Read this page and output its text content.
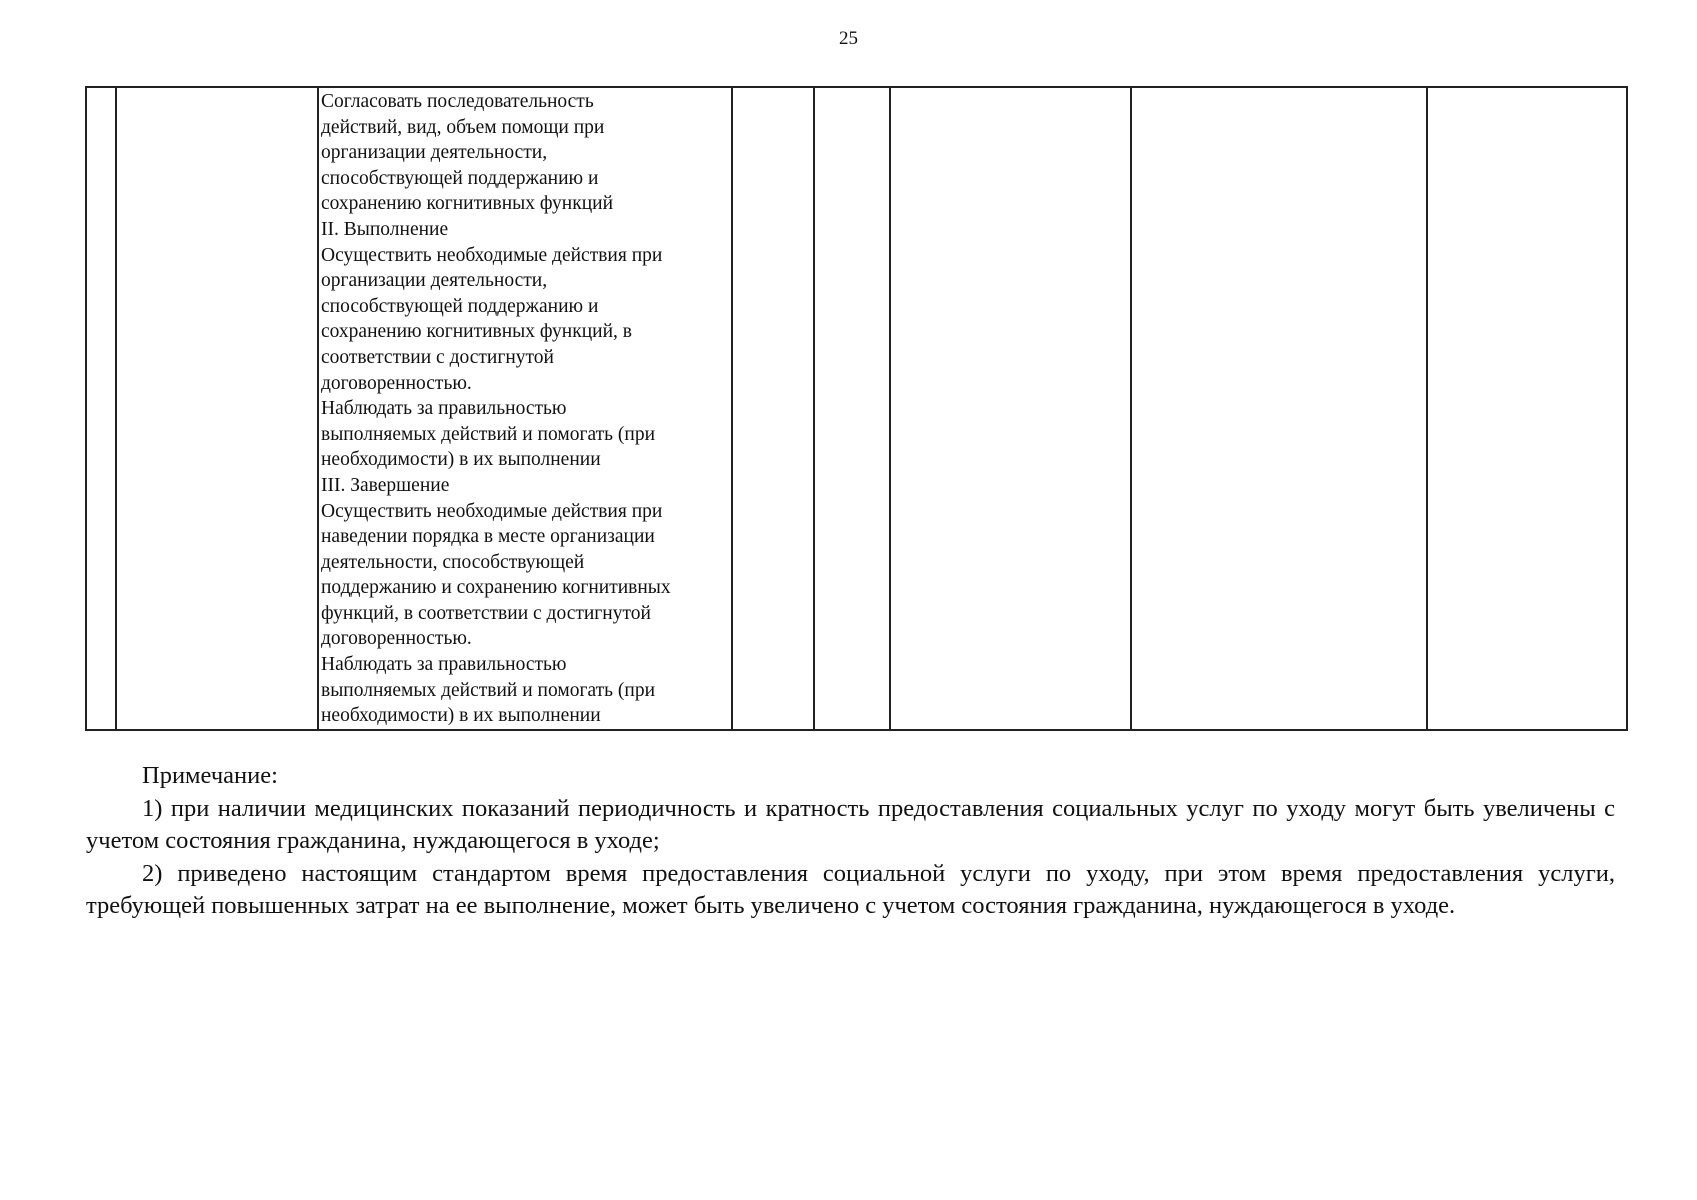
25

Согласовать последовательность
действий, вид, объем помощи при
организации деятельности,
способствующей поддержанию и
сохранению когнитивных функций
II. Выполнение
Осуществить необходимые действия при
организации деятельности,
способствующей поддержанию и
сохранению когнитивных функций, в
соответствии с достигнутой
договоренностью.
Наблюдать за правильностью
выполняемых действий и помогать (при
необходимости) в их выполнении
III. Завершение
Осуществить необходимые действия при
наведении порядка в месте организации
деятельности, способствующей
поддержанию и сохранению когнитивных
функций, в соответствии с достигнутой
договоренностью.
Наблюдать за правильностью
выполняемых действий и помогать (при
необходимости) в их выполнении

Примечание:

1) при наличии медицинских показаний периодичность и кратность предоставления социальных услуг по уходу могут быть увеличены с учетом состояния гражданина, нуждающегося в уходе;

2) приведено настоящим стандартом время предоставления социальной услуги по уходу, при этом время предоставления услуги, требующей повышенных затрат на ее выполнение, может быть увеличено с учетом состояния гражданина, нуждающегося в уходе.
